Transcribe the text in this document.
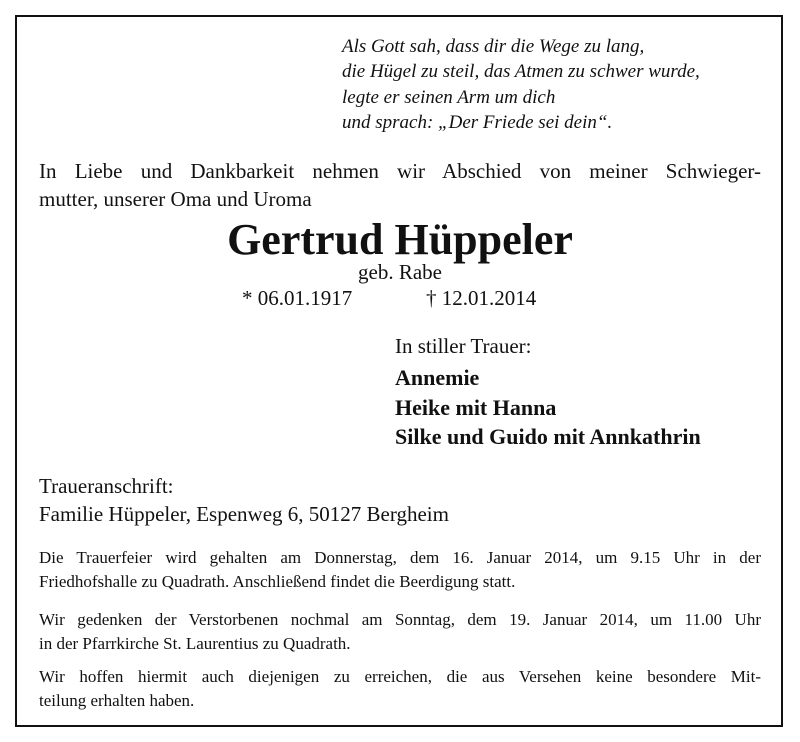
Als Gott sah, dass dir die Wege zu lang,
die Hügel zu steil, das Atmen zu schwer wurde,
legte er seinen Arm um dich
und sprach: „Der Friede sei dein“.
In Liebe und Dankbarkeit nehmen wir Abschied von meiner Schwieger-
mutter, unserer Oma und Uroma
Gertrud Hüppeler
geb. Rabe
* 06.01.1917	† 12.01.2014
In stiller Trauer:
Annemie
Heike mit Hanna
Silke und Guido mit Annkathrin
Traueranschrift:
Familie Hüppeler, Espenweg 6, 50127 Bergheim
Die Trauerfeier wird gehalten am Donnerstag, dem 16. Januar 2014, um 9.15 Uhr in der
Friedhofshalle zu Quadrath. Anschließend findet die Beerdigung statt.
Wir gedenken der Verstorbenen nochmal am Sonntag, dem 19. Januar 2014, um 11.00 Uhr
in der Pfarrkirche St. Laurentius zu Quadrath.
Wir hoffen hiermit auch diejenigen zu erreichen, die aus Versehen keine besondere Mit-
teilung erhalten haben.
